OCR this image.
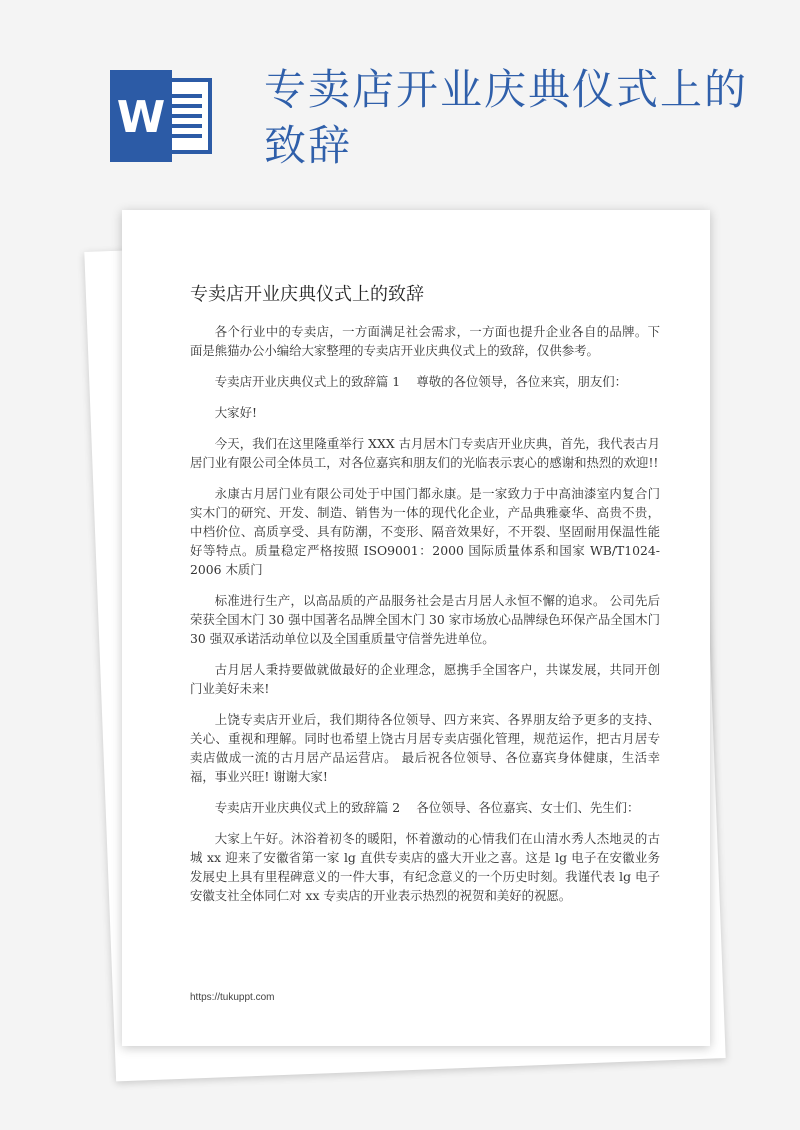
W
专卖店开业庆典仪式上的致辞
专卖店开业庆典仪式上的致辞

各个行业中的专卖店，一方面满足社会需求，一方面也提升企业各自的品牌。下面是熊猫办公小编给大家整理的专卖店开业庆典仪式上的致辞，仅供参考。

专卖店开业庆典仪式上的致辞篇 1　 尊敬的各位领导，各位来宾，朋友们：

大家好!

今天，我们在这里隆重举行 XXX 古月居木门专卖店开业庆典，首先，我代表古月居门业有限公司全体员工，对各位嘉宾和朋友们的光临表示衷心的感谢和热烈的欢迎!!

永康古月居门业有限公司处于中国门都永康。是一家致力于中高油漆室内复合门实木门的研究、开发、制造、销售为一体的现代化企业，产品典雅豪华、高贵不贵，中档价位、高质享受、具有防潮，不变形、隔音效果好，不开裂、坚固耐用保温性能好等特点。质量稳定严格按照 ISO9001：2000 国际质量体系和国家 WB/T1024-2006 木质门

标准进行生产，以高品质的产品服务社会是古月居人永恒不懈的追求。 公司先后荣获全国木门 30 强中国著名品牌全国木门 30 家市场放心品牌绿色环保产品全国木门 30 强双承诺活动单位以及全国重质量守信誉先进单位。

古月居人秉持要做就做最好的企业理念，愿携手全国客户，共谋发展，共同开创门业美好未来!

上饶专卖店开业后，我们期待各位领导、四方来宾、各界朋友给予更多的支持、关心、重视和理解。同时也希望上饶古月居专卖店强化管理，规范运作，把古月居专卖店做成一流的古月居产品运营店。 最后祝各位领导、各位嘉宾身体健康，生活幸福，事业兴旺! 谢谢大家!

专卖店开业庆典仪式上的致辞篇 2　 各位领导、各位嘉宾、女士们、先生们：

大家上午好。沐浴着初冬的暖阳，怀着激动的心情我们在山清水秀人杰地灵的古城 xx 迎来了安徽省第一家 lg 直供专卖店的盛大开业之喜。这是 lg 电子在安徽业务发展史上具有里程碑意义的一件大事，有纪念意义的一个历史时刻。我谨代表 lg 电子安徽支社全体同仁对 xx 专卖店的开业表示热烈的祝贺和美好的祝愿。

https://tukuppt.com
